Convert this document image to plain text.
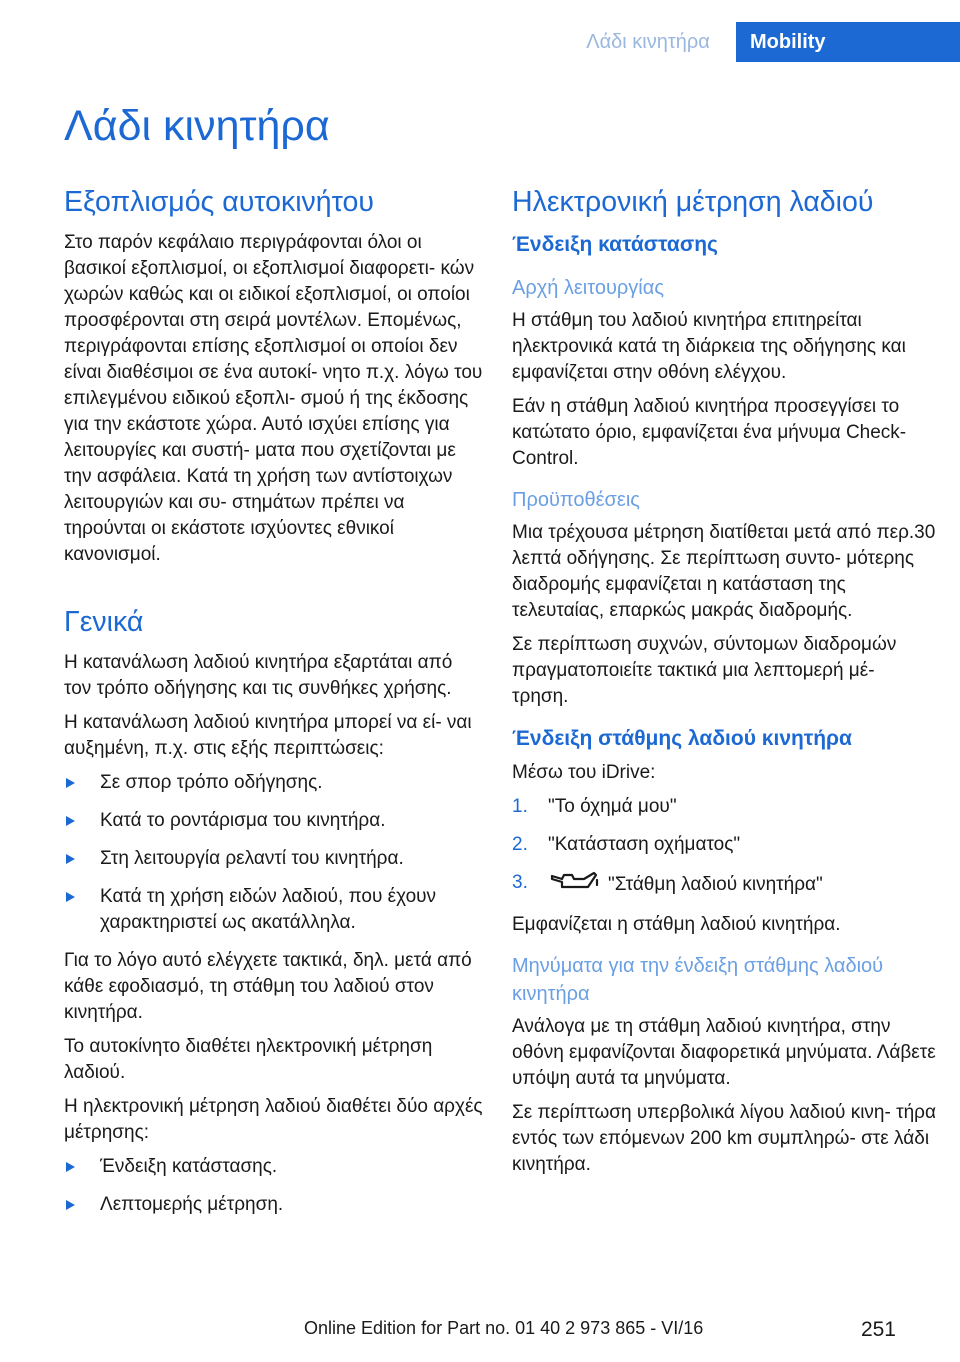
Λάδι κινητήρα	Mobility
Λάδι κινητήρα
Εξοπλισμός αυτοκινήτου

Στο παρόν κεφάλαιο περιγράφονται όλοι οι βασικοί εξοπλισμοί, οι εξοπλισμοί διαφορετι- κών χωρών καθώς και οι ειδικοί εξοπλισμοί, οι οποίοι προσφέρονται στη σειρά μοντέλων. Επομένως, περιγράφονται επίσης εξοπλισμοί οι οποίοι δεν είναι διαθέσιμοι σε ένα αυτοκί- νητο π.χ. λόγω του επιλεγμένου ειδικού εξοπλι- σμού ή της έκδοσης για την εκάστοτε χώρα. Αυτό ισχύει επίσης για λειτουργίες και συστή- ματα που σχετίζονται με την ασφάλεια. Κατά τη χρήση των αντίστοιχων λειτουργιών και συ- στημάτων πρέπει να τηρούνται οι εκάστοτε ισχύοντες εθνικοί κανονισμοί.

Γενικά

Η κατανάλωση λαδιού κινητήρα εξαρτάται από τον τρόπο οδήγησης και τις συνθήκες χρήσης.

Η κατανάλωση λαδιού κινητήρα μπορεί να εί- ναι αυξημένη, π.χ. στις εξής περιπτώσεις:

Σε σπορ τρόπο οδήγησης.
Κατά το ροντάρισμα του κινητήρα.
Στη λειτουργία ρελαντί του κινητήρα.
Κατά τη χρήση ειδών λαδιού, που έχουν χαρακτηριστεί ως ακατάλληλα.

Για το λόγο αυτό ελέγχετε τακτικά, δηλ. μετά από κάθε εφοδιασμό, τη στάθμη του λαδιού στον κινητήρα.

Το αυτοκίνητο διαθέτει ηλεκτρονική μέτρηση λαδιού.

Η ηλεκτρονική μέτρηση λαδιού διαθέτει δύο αρχές μέτρησης:

Ένδειξη κατάστασης.
Λεπτομερής μέτρηση.
Ηλεκτρονική μέτρηση λαδιού
Ένδειξη κατάστασης
Αρχή λειτουργίας

Η στάθμη του λαδιού κινητήρα επιτηρείται ηλεκτρονικά κατά τη διάρκεια της οδήγησης και εμφανίζεται στην οθόνη ελέγχου.

Εάν η στάθμη λαδιού κινητήρα προσεγγίσει το κατώτατο όριο, εμφανίζεται ένα μήνυμα Check-Control.

Προϋποθέσεις

Μια τρέχουσα μέτρηση διατίθεται μετά από περ.30 λεπτά οδήγησης. Σε περίπτωση συντο- μότερης διαδρομής εμφανίζεται η κατάσταση της τελευταίας, επαρκώς μακράς διαδρομής.

Σε περίπτωση συχνών, σύντομων διαδρομών πραγματοποιείτε τακτικά μια λεπτομερή μέ- τρηση.

Ένδειξη στάθμης λαδιού κινητήρα

Μέσω του iDrive:

1. "Το όχημά μου"
2. "Κατάσταση οχήματος"
3.	"Στάθμη λαδιού κινητήρα"

Εμφανίζεται η στάθμη λαδιού κινητήρα.

Μηνύματα για την ένδειξη στάθμης λαδιού κινητήρα

Ανάλογα με τη στάθμη λαδιού κινητήρα, στην οθόνη εμφανίζονται διαφορετικά μηνύματα. Λάβετε υπόψη αυτά τα μηνύματα.

Σε περίπτωση υπερβολικά λίγου λαδιού κινη- τήρα εντός των επόμενων 200 km συμπληρώ- στε λάδι κινητήρα.

Online Edition for Part no. 01 40 2 973 865 - VI/16	251
